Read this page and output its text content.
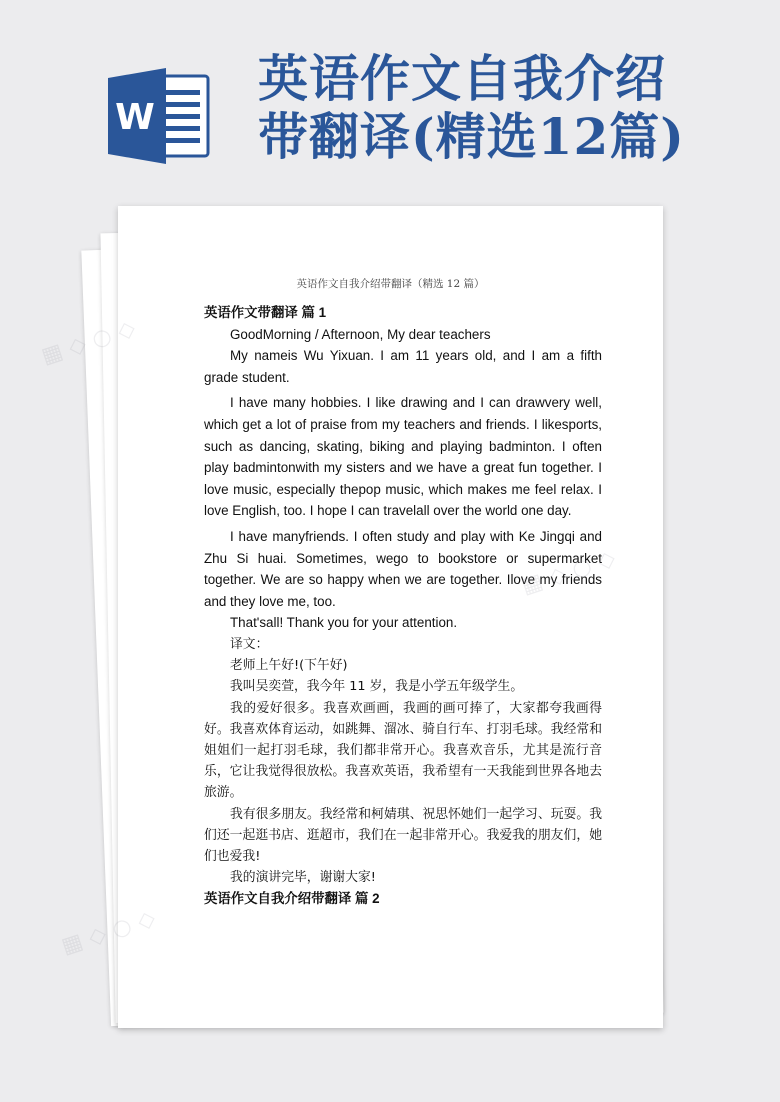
W
英语作文自我介绍
带翻译(精选12篇)
英语作文自我介绍带翻译（精选 12 篇）

英语作文带翻译 篇 1

GoodMorning / Afternoon, My dear teachers

My nameis Wu Yixuan. I am 11 years old, and I am a fifth grade student.

I have many hobbies. I like drawing and I can drawvery well, which get a lot of praise from my teachers and friends. I likesports, such as dancing, skating, biking and playing badminton. I often play badmintonwith my sisters and we have a great fun together. I love music, especially thepop music, which makes me feel relax. I love English, too. I hope I can travelall over the world one day.

I have manyfriends. I often study and play with Ke Jingqi and Zhu Si huai. Sometimes, wego to bookstore or supermarket together. We are so happy when we are together. Ilove my friends and they love me, too.

That'sall! Thank you for your attention.

译文：

老师上午好!(下午好)

我叫吴奕萱，我今年 11 岁，我是小学五年级学生。

我的爱好很多。我喜欢画画，我画的画可捧了，大家都夸我画得好。我喜欢体育运动，如跳舞、溜冰、骑自行车、打羽毛球。我经常和姐姐们一起打羽毛球，我们都非常开心。我喜欢音乐，尤其是流行音乐，它让我觉得很放松。我喜欢英语，我希望有一天我能到世界各地去旅游。

我有很多朋友。我经常和柯婧琪、祝思怀她们一起学习、玩耍。我们还一起逛书店、逛超市，我们在一起非常开心。我爱我的朋友们，她们也爱我!

我的演讲完毕，谢谢大家!

英语作文自我介绍带翻译 篇 2

▦ ◇
▦ ◇
